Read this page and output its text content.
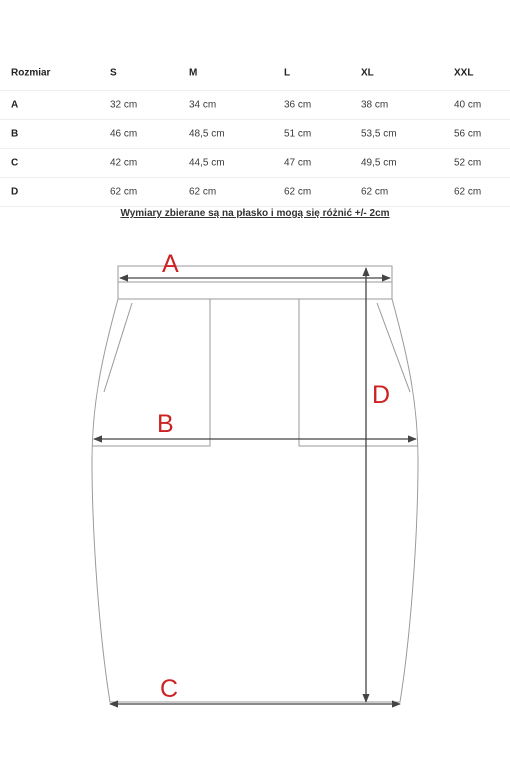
Rozmiar	S	M	L	XL	XXL
A	32 cm	34 cm	36 cm	38 cm	40 cm
B	46 cm	48,5 cm	51 cm	53,5 cm	56 cm
C	42 cm	44,5 cm	47 cm	49,5 cm	52 cm
D	62 cm	62 cm	62 cm	62 cm	62 cm
Wymiary zbierane są na płasko i mogą się różnić +/- 2cm
A
B
C
D
